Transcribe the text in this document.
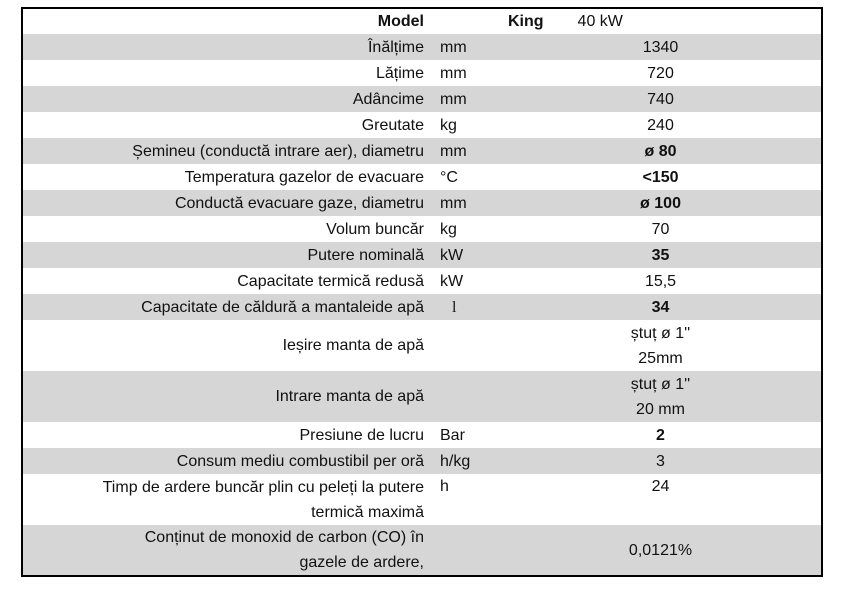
Model	King 40 kW	
Înălțime	mm	1340
Lățime	mm	720
Adâncime	mm	740
Greutate	kg	240
Șemineu (conductă intrare aer), diametru	mm	ø 80
Temperatura gazelor de evacuare	°C	<150
Conductă evacuare gaze, diametru	mm	ø 100
Volum buncăr	kg	70
Putere nominală	kW	35
Capacitate termică redusă	kW	15,5
Capacitate de căldură a mantaleide apă	l	34
Ieșire manta de apă		ștuț ø 1''
25mm

Intrare manta de apă		ștuț ø 1''
20 mm

Presiune de lucru	Bar	2
Consum mediu combustibil per oră	h/kg	3

Timp de ardere buncăr plin cu peleți la putere
termică maximă	h	24

Conținut de monoxid de carbon (CO) în
gazele de ardere,		0,0121%
